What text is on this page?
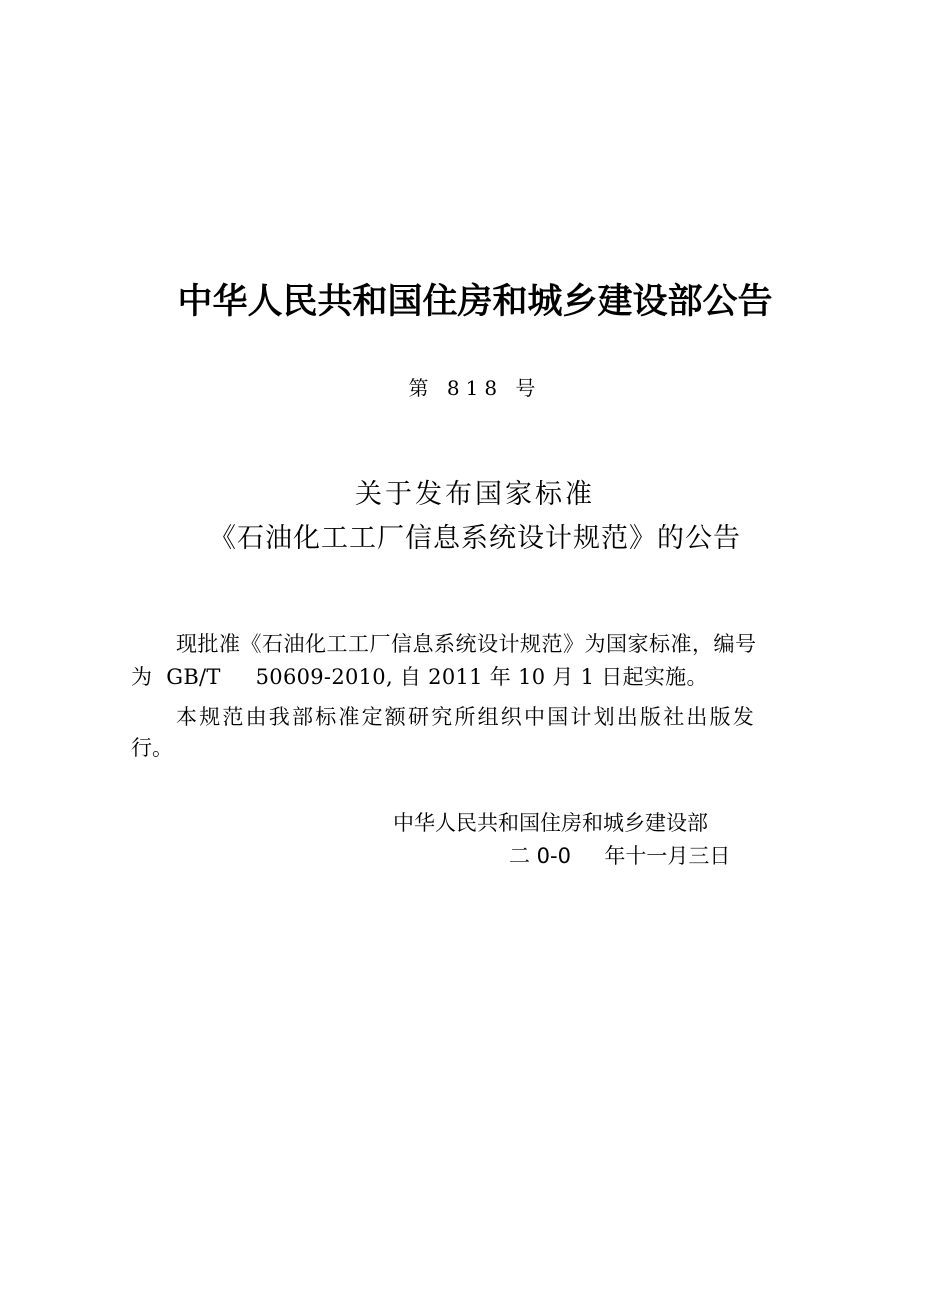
中华人民共和国住房和城乡建设部公告
第 818 号
关于发布国家标准
《石油化工工厂信息系统设计规范》的公告
现批准《石油化工工厂信息系统设计规范》为国家标准，编号
为  GB/T     50609-2010, 自 2011 年 10 月 1 日起实施。
本规范由我部标准定额研究所组织中国计划出版社出版发
行。
中华人民共和国住房和城乡建设部
二 0-0     年十一月三日
